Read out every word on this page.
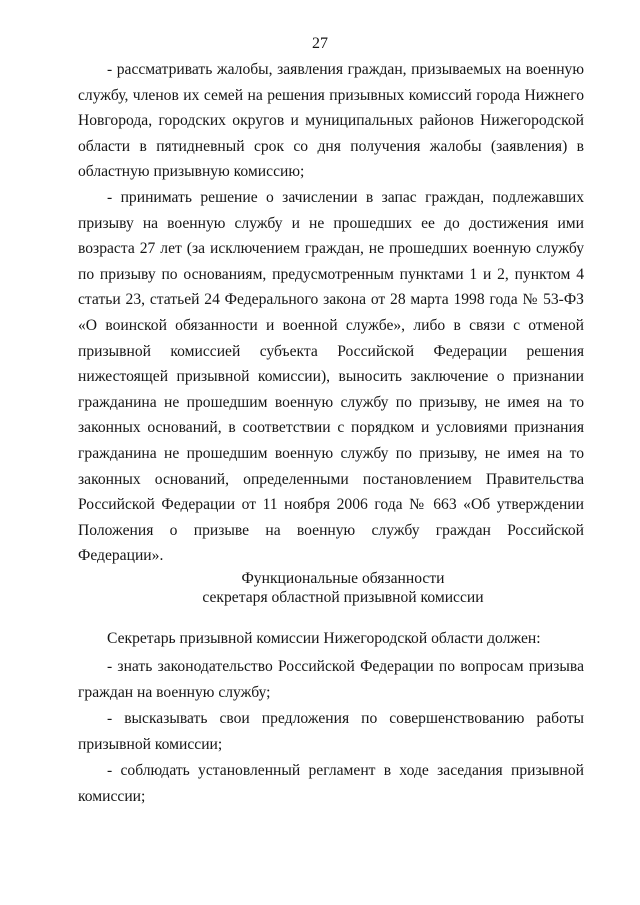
27

- рассматривать жалобы, заявления граждан, призываемых на военную службу, членов их семей на решения призывных комиссий города Нижнего Новгорода, городских округов и муниципальных районов Нижегородской области в пятидневный срок со дня получения жалобы (заявления) в областную призывную комиссию;

- принимать решение о зачислении в запас граждан, подлежавших призыву на военную службу и не прошедших ее до достижения ими возраста 27 лет (за исключением граждан, не прошедших военную службу по призыву по основаниям, предусмотренным пунктами 1 и 2, пунктом 4 статьи 23, статьей 24 Федерального закона от 28 марта 1998 года № 53-ФЗ «О воинской обязанности и военной службе», либо в связи с отменой призывной комиссией субъекта Российской Федерации решения нижестоящей призывной комиссии), выносить заключение о признании гражданина не прошедшим военную службу по призыву, не имея на то законных оснований, в соответствии с порядком и условиями признания гражданина не прошедшим военную службу по призыву, не имея на то законных оснований, определенными постановлением Правительства Российской Федерации от 11 ноября 2006 года № 663 «Об утверждении Положения о призыве на военную службу граждан Российской Федерации».

Функциональные обязанности
секретаря областной призывной комиссии

Секретарь призывной комиссии Нижегородской области должен:

- знать законодательство Российской Федерации по вопросам призыва граждан на военную службу;

- высказывать свои предложения по совершенствованию работы призывной комиссии;

- соблюдать установленный регламент в ходе заседания призывной комиссии;
